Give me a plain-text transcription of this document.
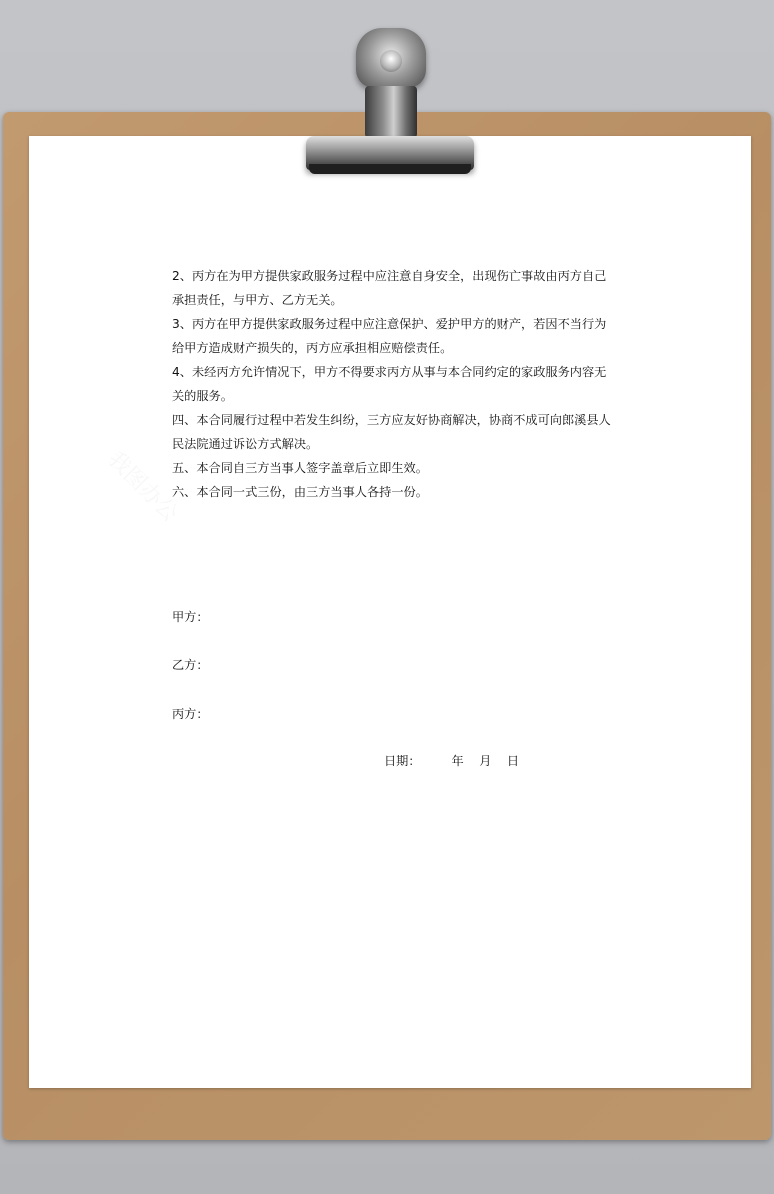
我图办公

2、丙方在为甲方提供家政服务过程中应注意自身安全，出现伤亡事故由丙方自己承担责任，与甲方、乙方无关。

3、丙方在甲方提供家政服务过程中应注意保护、爱护甲方的财产，若因不当行为给甲方造成财产损失的，丙方应承担相应赔偿责任。

4、未经丙方允许情况下，甲方不得要求丙方从事与本合同约定的家政服务内容无关的服务。

四、本合同履行过程中若发生纠纷，三方应友好协商解决，协商不成可向郎溪县人民法院通过诉讼方式解决。

五、本合同自三方当事人签字盖章后立即生效。

六、本合同一式三份，由三方当事人各持一份。

甲方：
乙方：
丙方：
日期：        年    月    日
